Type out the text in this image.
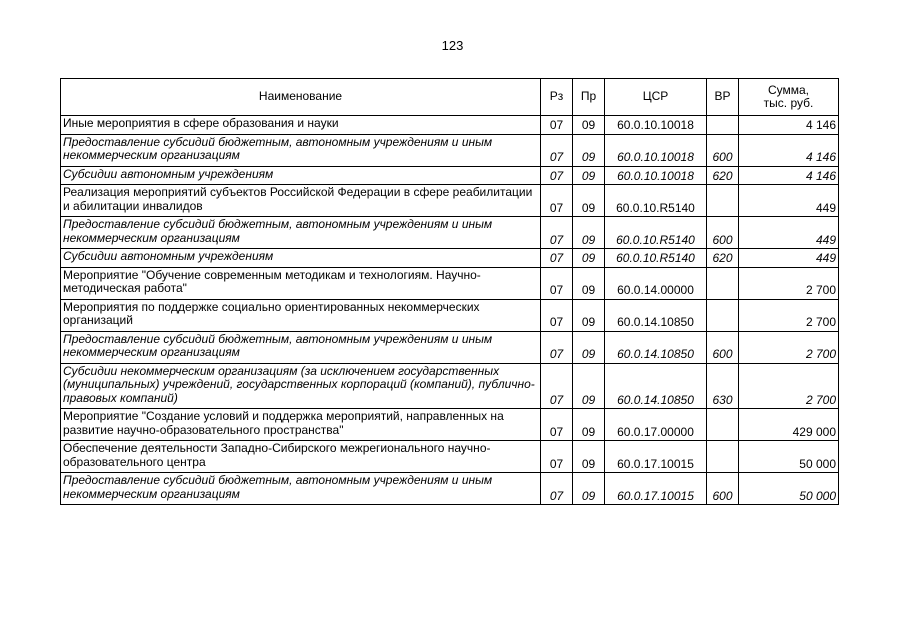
123
Наименование	Рз	Пр	ЦСР	ВР	Сумма,
тыс. руб.

Иные мероприятия в сфере образования и науки	07	09	60.0.10.10018		4 146
Предоставление субсидий бюджетным, автономным учреждениям и иным некоммерческим организациям	07	09	60.0.10.10018	600	4 146
Субсидии автономным учреждениям	07	09	60.0.10.10018	620	4 146
Реализация мероприятий субъектов Российской Федерации в сфере реабилитации и абилитации инвалидов	07	09	60.0.10.R5140		449
Предоставление субсидий бюджетным, автономным учреждениям и иным некоммерческим организациям	07	09	60.0.10.R5140	600	449
Субсидии автономным учреждениям	07	09	60.0.10.R5140	620	449
Мероприятие "Обучение современным методикам и технологиям. Научно-методическая работа"	07	09	60.0.14.00000		2 700
Мероприятия по поддержке социально ориентированных некоммерческих организаций	07	09	60.0.14.10850		2 700
Предоставление субсидий бюджетным, автономным учреждениям и иным некоммерческим организациям	07	09	60.0.14.10850	600	2 700
Субсидии некоммерческим организациям (за исключением государственных (муниципальных) учреждений, государственных корпораций (компаний), публично-правовых компаний)	07	09	60.0.14.10850	630	2 700
Мероприятие "Создание условий и поддержка мероприятий, направленных на развитие научно-образовательного пространства"	07	09	60.0.17.00000		429 000
Обеспечение деятельности Западно-Сибирского межрегионального научно-образовательного центра	07	09	60.0.17.10015		50 000
Предоставление субсидий бюджетным, автономным учреждениям и иным некоммерческим организациям	07	09	60.0.17.10015	600	50 000
